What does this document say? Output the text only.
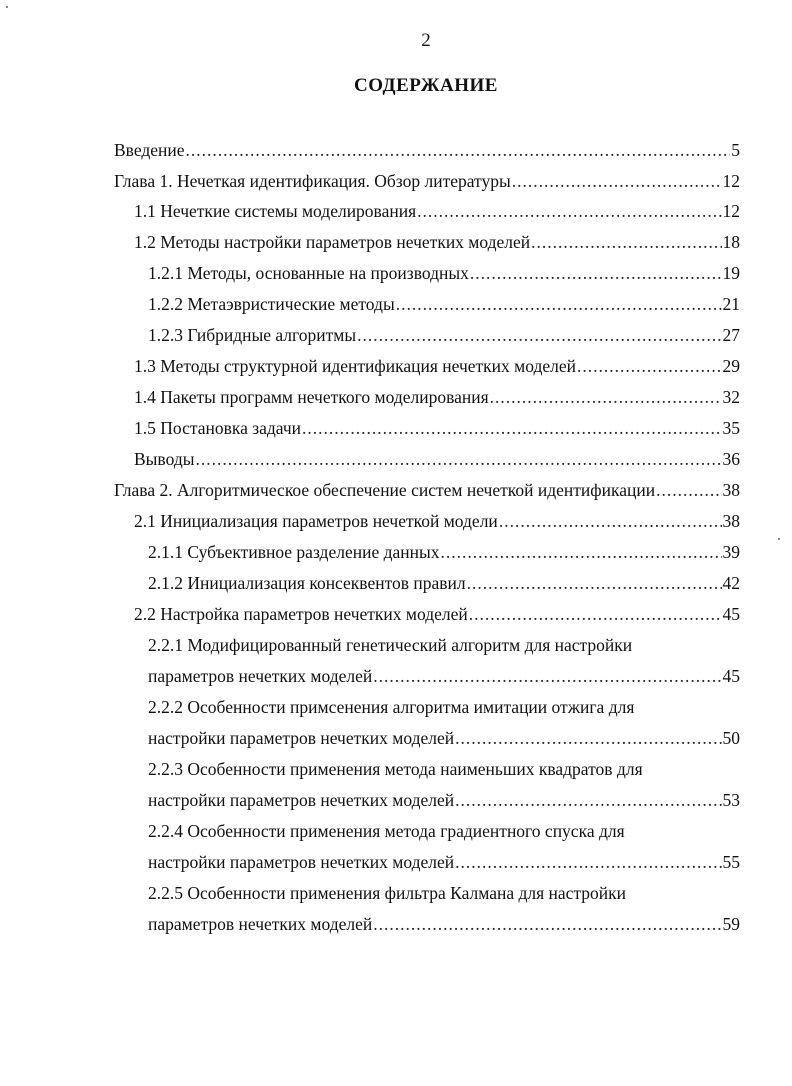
2
СОДЕРЖАНИЕ
Введение .....	5
Глава 1. Нечеткая идентификация. Обзор литературы .....	12
1.1 Нечеткие системы моделирования .....	12
1.2 Методы настройки параметров нечетких моделей .....	18
1.2.1 Методы, основанные на производных .....	19
1.2.2 Метаэвристические методы .....	21
1.2.3 Гибридные алгоритмы .....	27
1.3 Методы структурной идентификация нечетких моделей .....	29
1.4 Пакеты программ нечеткого моделирования .....	32
1.5 Постановка задачи .....	35
Выводы .....	36
Глава 2. Алгоритмическое обеспечение систем нечеткой идентификации .....	38
2.1 Инициализация параметров нечеткой модели .....	38
2.1.1 Субъективное разделение данных .....	39
2.1.2 Инициализация консеквентов правил .....	42
2.2 Настройка параметров нечетких моделей .....	45
2.2.1 Модифицированный генетический алгоритм для настройки
параметров нечетких моделей .....	45
2.2.2 Особенности примсенения алгоритма имитации отжига для
настройки параметров нечетких моделей .....	50
2.2.3 Особенности применения метода наименьших квадратов для
настройки параметров нечетких моделей .....	53
2.2.4 Особенности применения метода градиентного спуска для
настройки параметров нечетких моделей .....	55
2.2.5 Особенности применения фильтра Калмана для настройки
параметров нечетких моделей .....	59
